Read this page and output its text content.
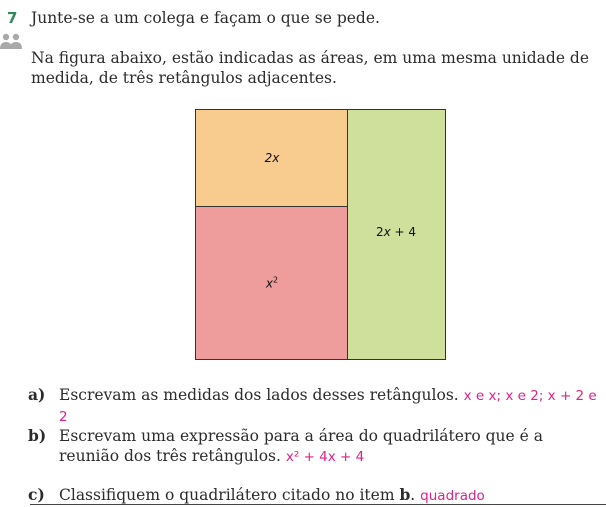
7 Junte-se a um colega e façam o que se pede.
Na figura abaixo, estão indicadas as áreas, em uma mesma unidade de medida, de três retângulos adjacentes.
2x
$x^2$
2x + 4
a) Escrevam as medidas dos lados desses retângulos. x e x; x e 2; x + 2 e 2
b) Escrevam uma expressão para a área do quadrilátero que é a reunião dos três retângulos. x² + 4x + 4
c) Classifiquem o quadrilátero citado no item b. quadrado
